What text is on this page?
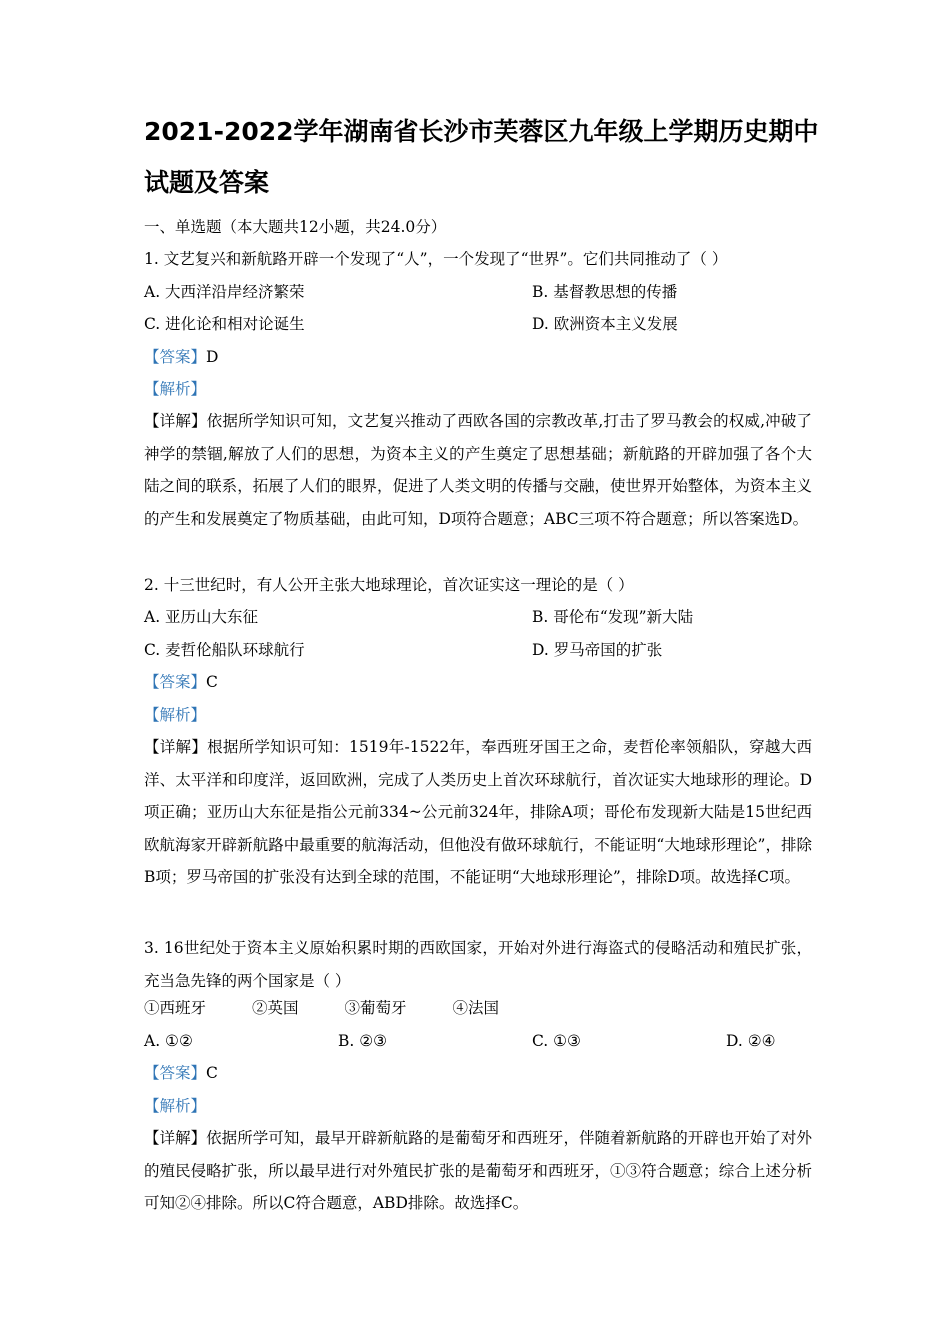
2021-2022学年湖南省长沙市芙蓉区九年级上学期历史期中
试题及答案
一、单选题（本大题共12小题，共24.0分）
1. 文艺复兴和新航路开辟一个发现了“人”，一个发现了“世界”。它们共同推动了（ ）
A. 大西洋沿岸经济繁荣	B. 基督教思想的传播
C. 进化论和相对论诞生	D. 欧洲资本主义发展
【答案】D
【解析】
【详解】依据所学知识可知，文艺复兴推动了西欧各国的宗教改革,打击了罗马教会的权威,冲破了神学的禁锢,解放了人们的思想，为资本主义的产生奠定了思想基础；新航路的开辟加强了各个大陆之间的联系，拓展了人们的眼界，促进了人类文明的传播与交融，使世界开始整体，为资本主义的产生和发展奠定了物质基础，由此可知，D项符合题意；ABC三项不符合题意；所以答案选D。
2. 十三世纪时，有人公开主张大地球理论，首次证实这一理论的是（ ）
A. 亚历山大东征	B. 哥伦布“发现”新大陆
C. 麦哲伦船队环球航行	D. 罗马帝国的扩张
【答案】C
【解析】
【详解】根据所学知识可知：1519年-1522年，奉西班牙国王之命，麦哲伦率领船队，穿越大西洋、太平洋和印度洋，返回欧洲，完成了人类历史上首次环球航行，首次证实大地球形的理论。D项正确；亚历山大东征是指公元前334~公元前324年，排除A项；哥伦布发现新大陆是15世纪西欧航海家开辟新航路中最重要的航海活动，但他没有做环球航行，不能证明“大地球形理论”，排除B项；罗马帝国的扩张没有达到全球的范围，不能证明“大地球形理论”，排除D项。故选择C项。
3. 16世纪处于资本主义原始积累时期的西欧国家，开始对外进行海盗式的侵略活动和殖民扩张，充当急先锋的两个国家是（ ）
①西班牙	②英国	③葡萄牙	④法国
A. ①②	B. ②③	C. ①③	D. ②④
【答案】C
【解析】
【详解】依据所学可知，最早开辟新航路的是葡萄牙和西班牙，伴随着新航路的开辟也开始了对外的殖民侵略扩张，所以最早进行对外殖民扩张的是葡萄牙和西班牙，①③符合题意；综合上述分析可知②④排除。所以C符合题意，ABD排除。故选择C。
